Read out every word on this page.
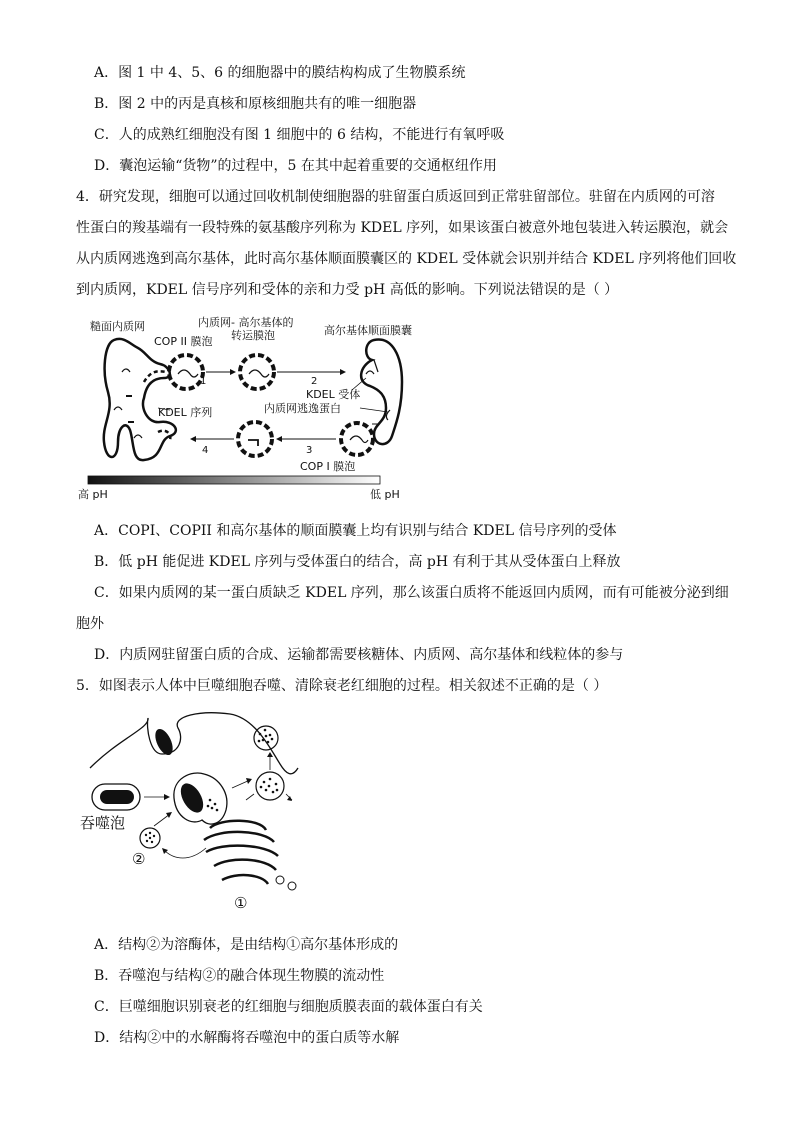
A．图 1 中 4、5、6 的细胞器中的膜结构构成了生物膜系统
B．图 2 中的丙是真核和原核细胞共有的唯一细胞器
C．人的成熟红细胞没有图 1 细胞中的 6 结构，不能进行有氧呼吸
D．囊泡运输“货物”的过程中，5 在其中起着重要的交通枢纽作用
4．研究发现，细胞可以通过回收机制使细胞器的驻留蛋白质返回到正常驻留部位。驻留在内质网的可溶
性蛋白的羧基端有一段特殊的氨基酸序列称为 KDEL 序列，如果该蛋白被意外地包装进入转运膜泡，就会
从内质网逃逸到高尔基体，此时高尔基体顺面膜囊区的 KDEL 受体就会识别并结合 KDEL 序列将他们回收
到内质网，KDEL 信号序列和受体的亲和力受 pH 高低的影响。下列说法错误的是（ ）
糙面内质网
COP II 膜泡
内质网- 高尔基体的
转运膜泡	高尔基体顺面膜囊
KDEL 受体
内质网逃逸蛋白
KDEL 序列
COP I 膜泡
1	2
3
4
高 pH	低 pH
A．COPI、COPII 和高尔基体的顺面膜囊上均有识别与结合 KDEL 信号序列的受体
B．低 pH 能促进 KDEL 序列与受体蛋白的结合，高 pH 有利于其从受体蛋白上释放
C．如果内质网的某一蛋白质缺乏 KDEL 序列，那么该蛋白质将不能返回内质网，而有可能被分泌到细
胞外
D．内质网驻留蛋白质的合成、运输都需要核糖体、内质网、高尔基体和线粒体的参与
5．如图表示人体中巨噬细胞吞噬、清除衰老红细胞的过程。相关叙述不正确的是（ ）
吞噬泡
②
①
A．结构②为溶酶体，是由结构①高尔基体形成的
B．吞噬泡与结构②的融合体现生物膜的流动性
C．巨噬细胞识别衰老的红细胞与细胞质膜表面的载体蛋白有关
D．结构②中的水解酶将吞噬泡中的蛋白质等水解
